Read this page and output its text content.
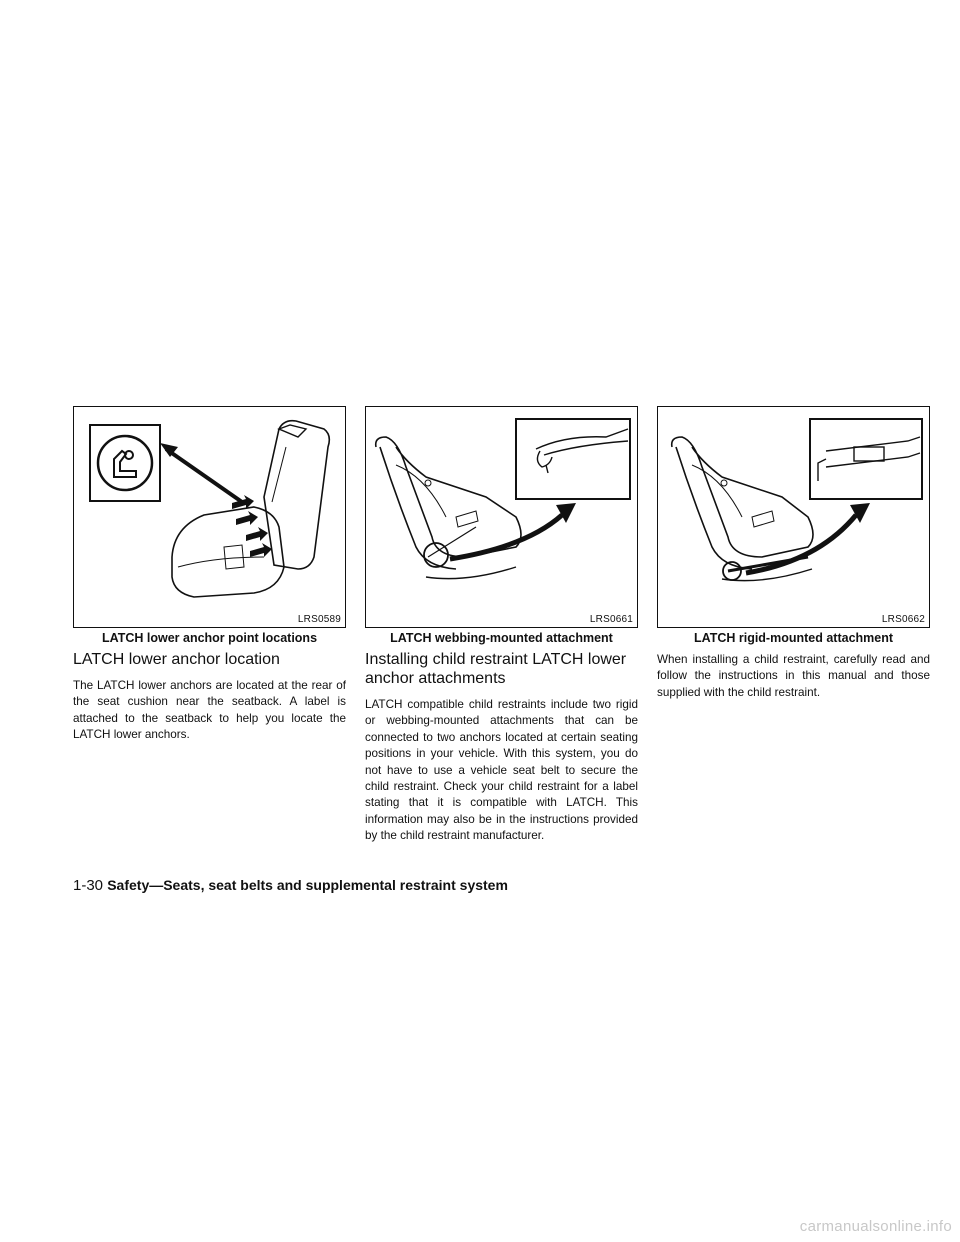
LRS0589
LATCH lower anchor point locations
LATCH lower anchor location

The LATCH lower anchors are located at the rear of the seat cushion near the seatback. A label is attached to the seatback to help you locate the LATCH lower anchors.

LRS0661
LATCH webbing-mounted attachment
Installing child restraint LATCH lower anchor attachments

LATCH compatible child restraints include two rigid or webbing-mounted attachments that can be connected to two anchors located at certain seating positions in your vehicle. With this system, you do not have to use a vehicle seat belt to secure the child restraint. Check your child restraint for a label stating that it is compatible with LATCH. This information may also be in the instructions provided by the child restraint manufacturer.

LRS0662
LATCH rigid-mounted attachment

When installing a child restraint, carefully read and follow the instructions in this manual and those supplied with the child restraint.

1-30 Safety—Seats, seat belts and supplemental restraint system
carmanualsonline.info
